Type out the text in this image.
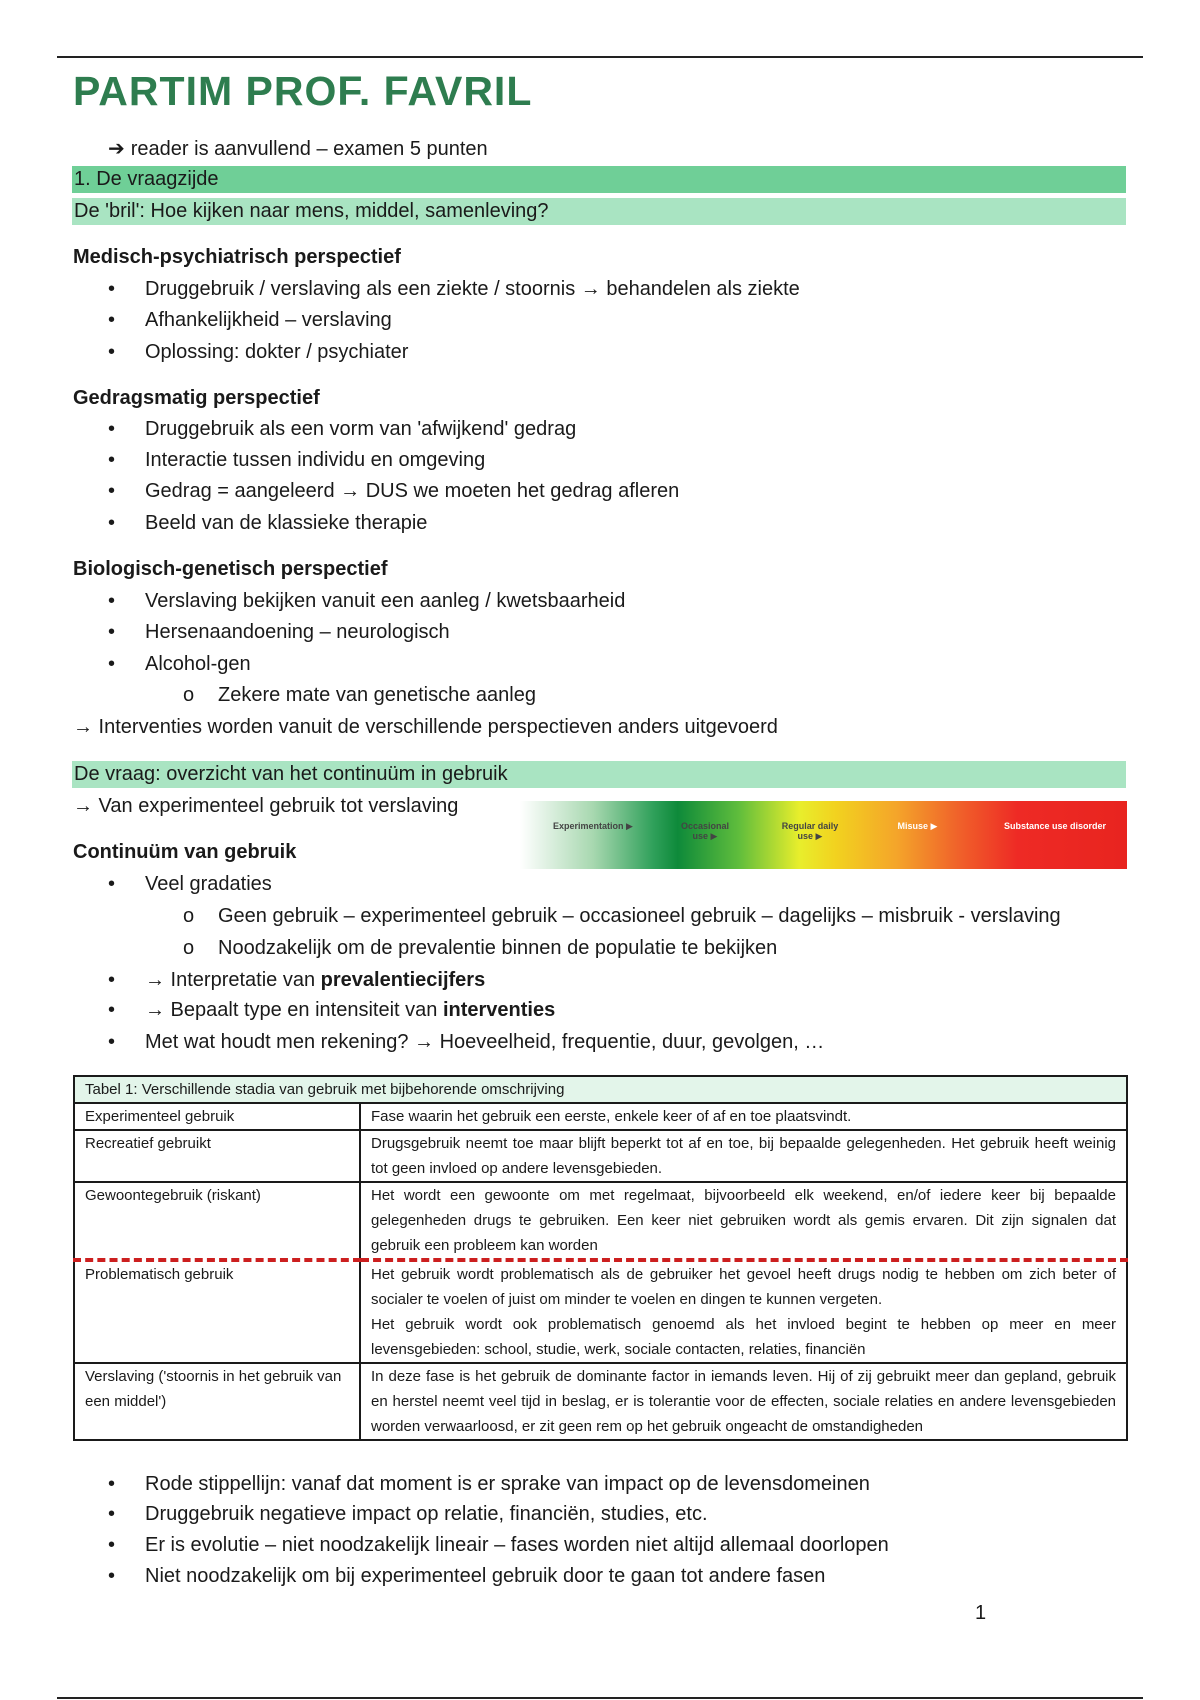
PARTIM PROF. FAVRIL
➔ reader is aanvullend – examen 5 punten
1. De vraagzijde
De 'bril': Hoe kijken naar mens, middel, samenleving?
Medisch-psychiatrisch perspectief
• Druggebruik / verslaving als een ziekte / stoornis → behandelen als ziekte
• Afhankelijkheid – verslaving
• Oplossing: dokter / psychiater
Gedragsmatig perspectief
• Druggebruik als een vorm van 'afwijkend' gedrag
• Interactie tussen individu en omgeving
• Gedrag = aangeleerd → DUS we moeten het gedrag afleren
• Beeld van de klassieke therapie
Biologisch-genetisch perspectief
• Verslaving bekijken vanuit een aanleg / kwetsbaarheid
• Hersenaandoening – neurologisch
• Alcohol-gen
o Zekere mate van genetische aanleg
→ Interventies worden vanuit de verschillende perspectieven anders uitgevoerd
De vraag: overzicht van het continuüm in gebruik
→ Van experimenteel gebruik tot verslaving
Experimentation ▶	Occasional use ▶
Regular daily use ▶
Misuse ▶	Substance use disorder
Continuüm van gebruik
• Veel gradaties
o Geen gebruik – experimenteel gebruik – occasioneel gebruik – dagelijks – misbruik - verslaving
o Noodzakelijk om de prevalentie binnen de populatie te bekijken
• → Interpretatie van prevalentiecijfers
• → Bepaalt type en intensiteit van interventies
• Met wat houdt men rekening? → Hoeveelheid, frequentie, duur, gevolgen, …
Tabel 1: Verschillende stadia van gebruik met bijbehorende omschrijving	
Experimenteel gebruik	Fase waarin het gebruik een eerste, enkele keer of af en toe plaatsvindt.
Recreatief gebruikt	Drugsgebruik neemt toe maar blijft beperkt tot af en toe, bij bepaalde gelegenheden. Het gebruik heeft weinig tot geen invloed op andere levensgebieden.
Gewoontegebruik (riskant)	Het wordt een gewoonte om met regelmaat, bijvoorbeeld elk weekend, en/of iedere keer bij bepaalde gelegenheden drugs te gebruiken. Een keer niet gebruiken wordt als gemis ervaren. Dit zijn signalen dat gebruik een probleem kan worden
Problematisch gebruik	Het gebruik wordt problematisch als de gebruiker het gevoel heeft drugs nodig te hebben om zich beter of socialer te voelen of juist om minder te voelen en dingen te kunnen vergeten.
Het gebruik wordt ook problematisch genoemd als het invloed begint te hebben op meer en meer levensgebieden: school, studie, werk, sociale contacten, relaties, financiën

Verslaving ('stoornis in het gebruik van een middel')	In deze fase is het gebruik de dominante factor in iemands leven. Hij of zij gebruikt meer dan gepland, gebruik en herstel neemt veel tijd in beslag, er is tolerantie voor de effecten, sociale relaties en andere levensgebieden worden verwaarloosd, er zit geen rem op het gebruik ongeacht de omstandigheden
• Rode stippellijn: vanaf dat moment is er sprake van impact op de levensdomeinen
• Druggebruik negatieve impact op relatie, financiën, studies, etc.
• Er is evolutie – niet noodzakelijk lineair – fases worden niet altijd allemaal doorlopen
• Niet noodzakelijk om bij experimenteel gebruik door te gaan tot andere fasen
1
